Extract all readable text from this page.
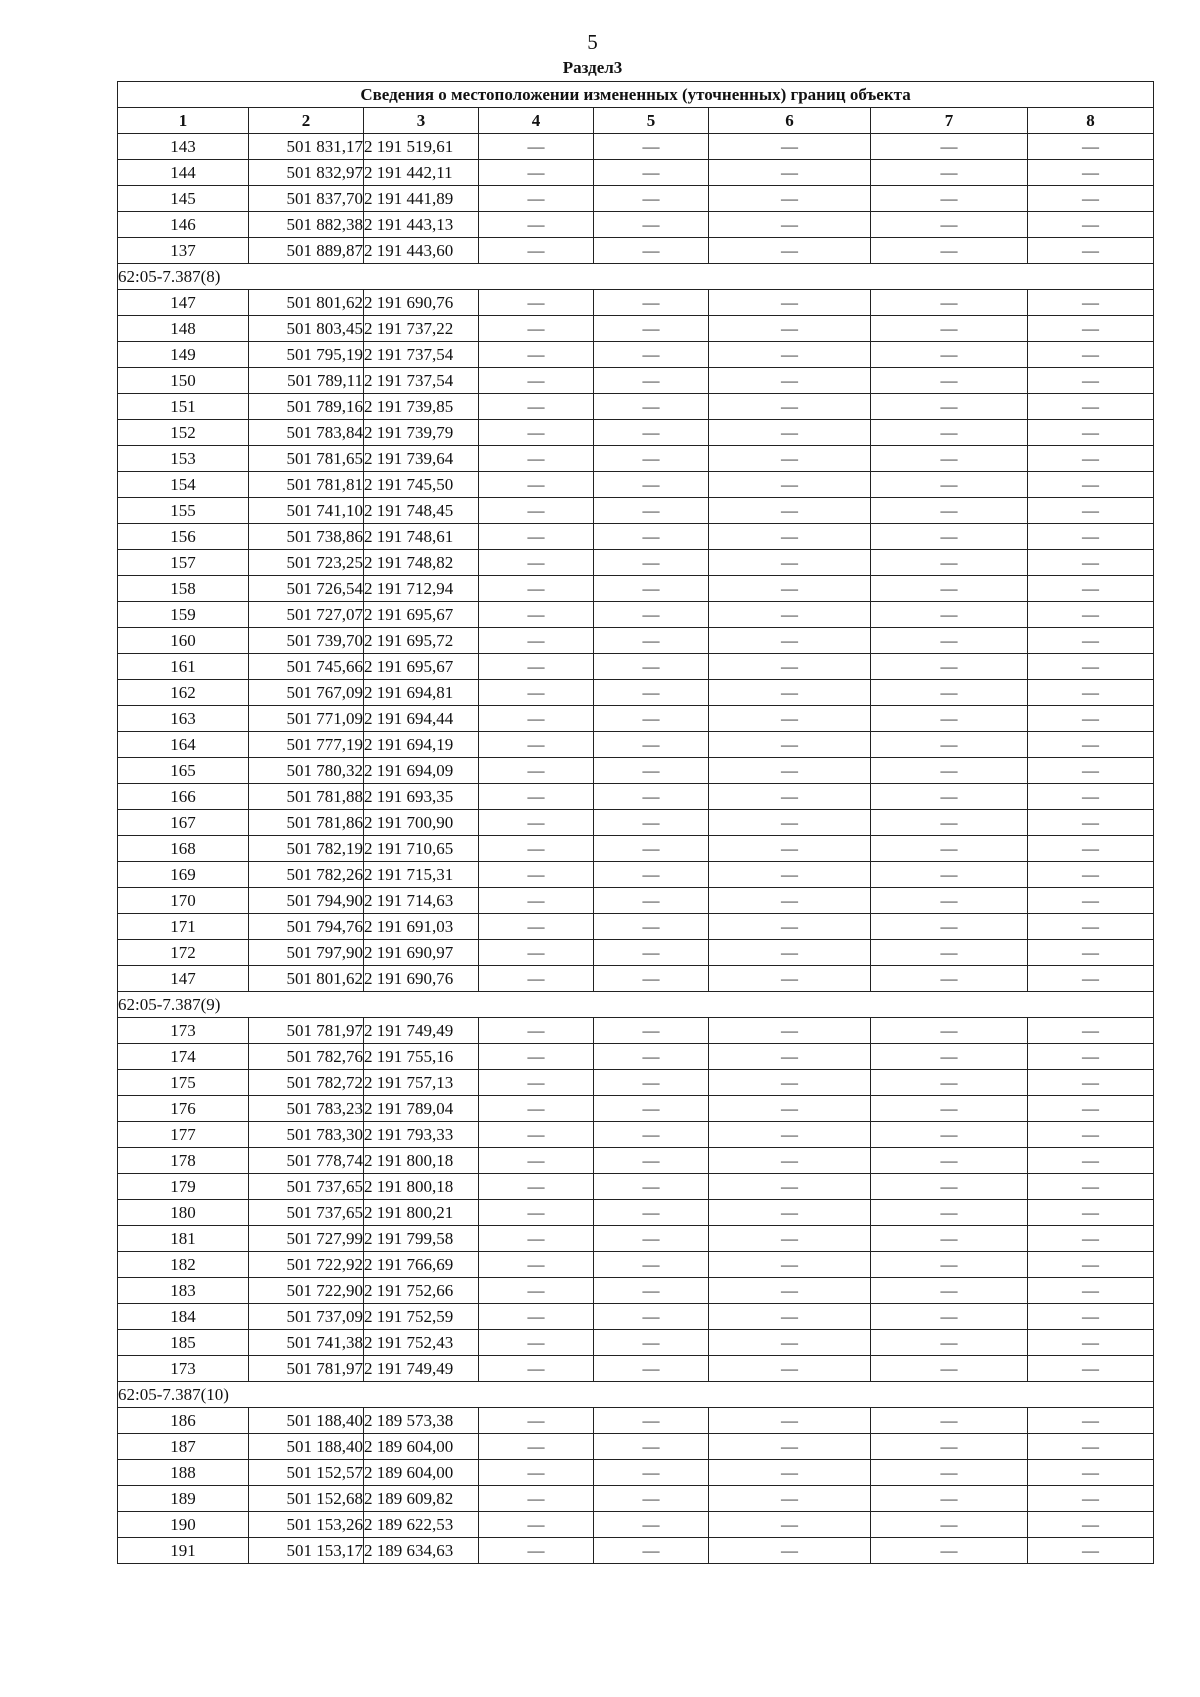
5
Раздел3
Сведения о местоположении измененных (уточненных) границ объекта							
1	2	3	4	5	6	7	8
143	501 831,17	2 191 519,61	—	—	—	—	—
144	501 832,97	2 191 442,11	—	—	—	—	—
145	501 837,70	2 191 441,89	—	—	—	—	—
146	501 882,38	2 191 443,13	—	—	—	—	—
137	501 889,87	2 191 443,60	—	—	—	—	—
62:05-7.387(8)							
147	501 801,62	2 191 690,76	—	—	—	—	—
148	501 803,45	2 191 737,22	—	—	—	—	—
149	501 795,19	2 191 737,54	—	—	—	—	—
150	501 789,11	2 191 737,54	—	—	—	—	—
151	501 789,16	2 191 739,85	—	—	—	—	—
152	501 783,84	2 191 739,79	—	—	—	—	—
153	501 781,65	2 191 739,64	—	—	—	—	—
154	501 781,81	2 191 745,50	—	—	—	—	—
155	501 741,10	2 191 748,45	—	—	—	—	—
156	501 738,86	2 191 748,61	—	—	—	—	—
157	501 723,25	2 191 748,82	—	—	—	—	—
158	501 726,54	2 191 712,94	—	—	—	—	—
159	501 727,07	2 191 695,67	—	—	—	—	—
160	501 739,70	2 191 695,72	—	—	—	—	—
161	501 745,66	2 191 695,67	—	—	—	—	—
162	501 767,09	2 191 694,81	—	—	—	—	—
163	501 771,09	2 191 694,44	—	—	—	—	—
164	501 777,19	2 191 694,19	—	—	—	—	—
165	501 780,32	2 191 694,09	—	—	—	—	—
166	501 781,88	2 191 693,35	—	—	—	—	—
167	501 781,86	2 191 700,90	—	—	—	—	—
168	501 782,19	2 191 710,65	—	—	—	—	—
169	501 782,26	2 191 715,31	—	—	—	—	—
170	501 794,90	2 191 714,63	—	—	—	—	—
171	501 794,76	2 191 691,03	—	—	—	—	—
172	501 797,90	2 191 690,97	—	—	—	—	—
147	501 801,62	2 191 690,76	—	—	—	—	—
62:05-7.387(9)							
173	501 781,97	2 191 749,49	—	—	—	—	—
174	501 782,76	2 191 755,16	—	—	—	—	—
175	501 782,72	2 191 757,13	—	—	—	—	—
176	501 783,23	2 191 789,04	—	—	—	—	—
177	501 783,30	2 191 793,33	—	—	—	—	—
178	501 778,74	2 191 800,18	—	—	—	—	—
179	501 737,65	2 191 800,18	—	—	—	—	—
180	501 737,65	2 191 800,21	—	—	—	—	—
181	501 727,99	2 191 799,58	—	—	—	—	—
182	501 722,92	2 191 766,69	—	—	—	—	—
183	501 722,90	2 191 752,66	—	—	—	—	—
184	501 737,09	2 191 752,59	—	—	—	—	—
185	501 741,38	2 191 752,43	—	—	—	—	—
173	501 781,97	2 191 749,49	—	—	—	—	—
62:05-7.387(10)							
186	501 188,40	2 189 573,38	—	—	—	—	—
187	501 188,40	2 189 604,00	—	—	—	—	—
188	501 152,57	2 189 604,00	—	—	—	—	—
189	501 152,68	2 189 609,82	—	—	—	—	—
190	501 153,26	2 189 622,53	—	—	—	—	—
191	501 153,17	2 189 634,63	—	—	—	—	—
